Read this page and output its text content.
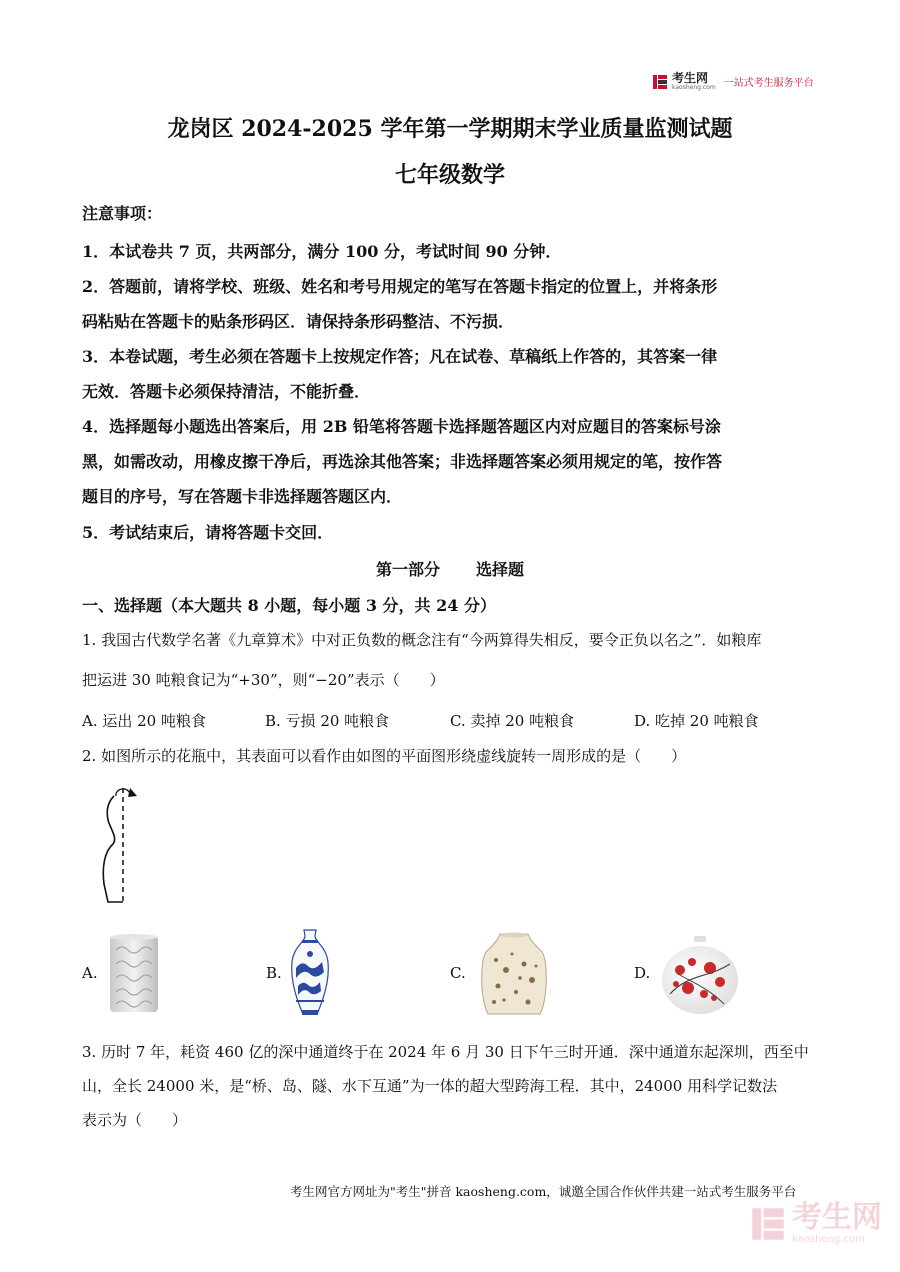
考生网
kaosheng.com 一站式考生服务平台
龙岗区 2024-2025 学年第一学期期末学业质量监测试题
七年级数学
注意事项：
1．本试卷共 7 页，共两部分，满分 100 分，考试时间 90 分钟．
2．答题前，请将学校、班级、姓名和考号用规定的笔写在答题卡指定的位置上，并将条形
码粘贴在答题卡的贴条形码区．请保持条形码整洁、不污损．
3．本卷试题，考生必须在答题卡上按规定作答；凡在试卷、草稿纸上作答的，其答案一律
无效．答题卡必须保持清洁，不能折叠．
4．选择题每小题选出答案后，用 2B 铅笔将答题卡选择题答题区内对应题目的答案标号涂
黑，如需改动，用橡皮擦干净后，再选涂其他答案；非选择题答案必须用规定的笔，按作答
题目的序号，写在答题卡非选择题答题区内．
5．考试结束后，请将答题卡交回．
第一部分 选择题
一、选择题（本大题共 8 小题，每小题 3 分，共 24 分）
1. 我国古代数学名著《九章算术》中对正负数的概念注有“今两算得失相反，要令正负以名之”．如粮库
把运进 30 吨粮食记为“+30”，则“−20”表示（　　）
A. 运出 20 吨粮食	B. 亏损 20 吨粮食	C. 卖掉 20 吨粮食	D. 吃掉 20 吨粮食
2. 如图所示的花瓶中，其表面可以看作由如图的平面图形绕虚线旋转一周形成的是（　　）
A.	B.	C.	D.
3. 历时 7 年，耗资 460 亿的深中通道终于在 2024 年 6 月 30 日下午三时开通．深中通道东起深圳，西至中
山，全长 24000 米，是“桥、岛、隧、水下互通”为一体的超大型跨海工程．其中，24000 用科学记数法
表示为（　　）
考生网官方网址为"考生"拼音 kaosheng.com，诚邀全国合作伙伴共建一站式考生服务平台
考生网
kaosheng.com
